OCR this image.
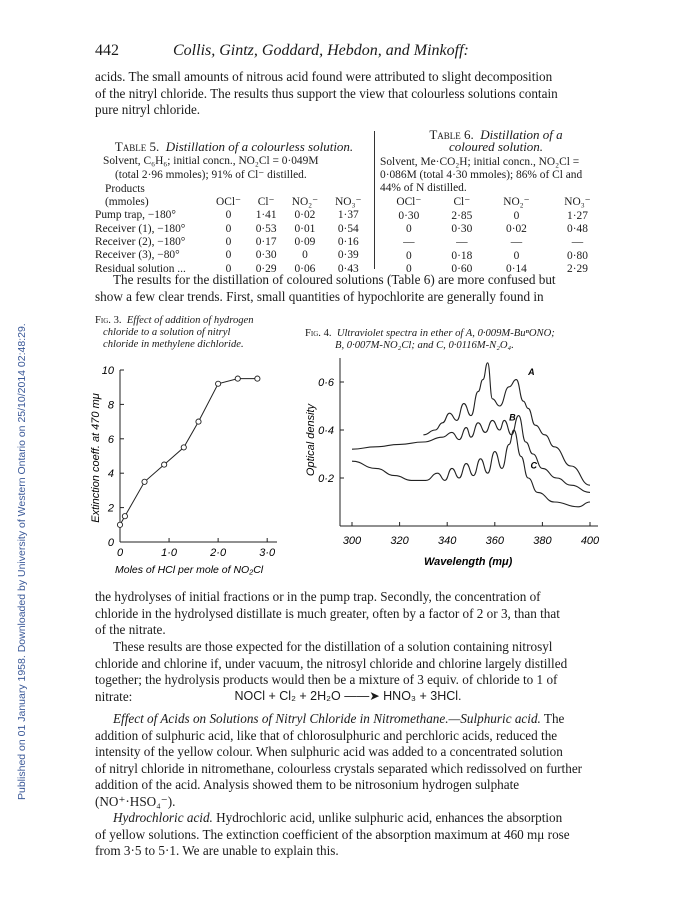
Published on 01 January 1958. Downloaded by University of Western Ontario on 25/10/2014 02:48:29.
442	Collis, Gintz, Goddard, Hebdon, and Minkoff:

acids. The small amounts of nitrous acid found were attributed to slight decomposition

of the nitryl chloride. The results thus support the view that colourless solutions contain

pure nitryl chloride.

Table 5. Distillation of a colourless solution.
Solvent, C₆H₆; initial concn., NO₂Cl = 0·049M
(total 2·96 mmoles); 91% of Cl⁻ distilled.
Products				
(mmoles)	OCl⁻	Cl⁻	NO₂⁻	NO₃⁻
Pump trap, −180°	0	1·41	0·02	1·37
Receiver (1), −180°	0	0·53	0·01	0·54
Receiver (2), −180°	0	0·17	0·09	0·16
Receiver (3), −80°	0	0·30	0	0·39
Residual solution ...	0	0·29	0·06	0·43
Table 6. Distillation of a
coloured solution.
Solvent, Me·CO₂H; initial concn., NO₂Cl =
0·086M (total 4·30 mmoles); 86% of Cl and
44% of N distilled.
OCl⁻	Cl⁻	NO₂⁻	NO₃⁻
0·30	2·85	0	1·27
0	0·30	0·02	0·48
—	—	—	—
0	0·18	0	0·80
0	0·60	0·14	2·29

The results for the distillation of coloured solutions (Table 6) are more confused but

show a few clear trends. First, small quantities of hypochlorite are generally found in

Fig. 3. Effect of addition of hydrogen
chloride to a solution of nitryl
chloride in methylene dichloride.
Fig. 4. Ultraviolet spectra in ether of A, 0·009M-BuⁿONO;
B, 0·007M-NO₂Cl; and C, 0·0116M-N₂O₄.
10
8
6
4
2
0
0	1·0	2·0	3·0
Extinction coeff. at 470 mμ
Moles of HCl per mole of NO₂Cl
0·6
0·4
0·2
300	320	340	360	380	400
A
B
C
Optical density
Wavelength (mμ)

the hydrolyses of initial fractions or in the pump trap. Secondly, the concentration of

chloride in the hydrolysed distillate is much greater, often by a factor of 2 or 3, than that

of the nitrate.

These results are those expected for the distillation of a solution containing nitrosyl

chloride and chlorine if, under vacuum, the nitrosyl chloride and chlorine largely distilled

together; the hydrolysis products would then be a mixture of 3 equiv. of chloride to 1 of

nitrate:	NOCl + Cl₂ + 2H₂O ——➤ HNO₃ + 3HCl.

Effect of Acids on Solutions of Nitryl Chloride in Nitromethane.—Sulphuric acid. The

addition of sulphuric acid, like that of chlorosulphuric and perchloric acids, reduced the

intensity of the yellow colour. When sulphuric acid was added to a concentrated solution

of nitryl chloride in nitromethane, colourless crystals separated which redissolved on further

addition of the acid. Analysis showed them to be nitrosonium hydrogen sulphate

(NO⁺·HSO₄⁻).

Hydrochloric acid. Hydrochloric acid, unlike sulphuric acid, enhances the absorption

of yellow solutions. The extinction coefficient of the absorption maximum at 460 mμ rose

from 3·5 to 5·1. We are unable to explain this.
